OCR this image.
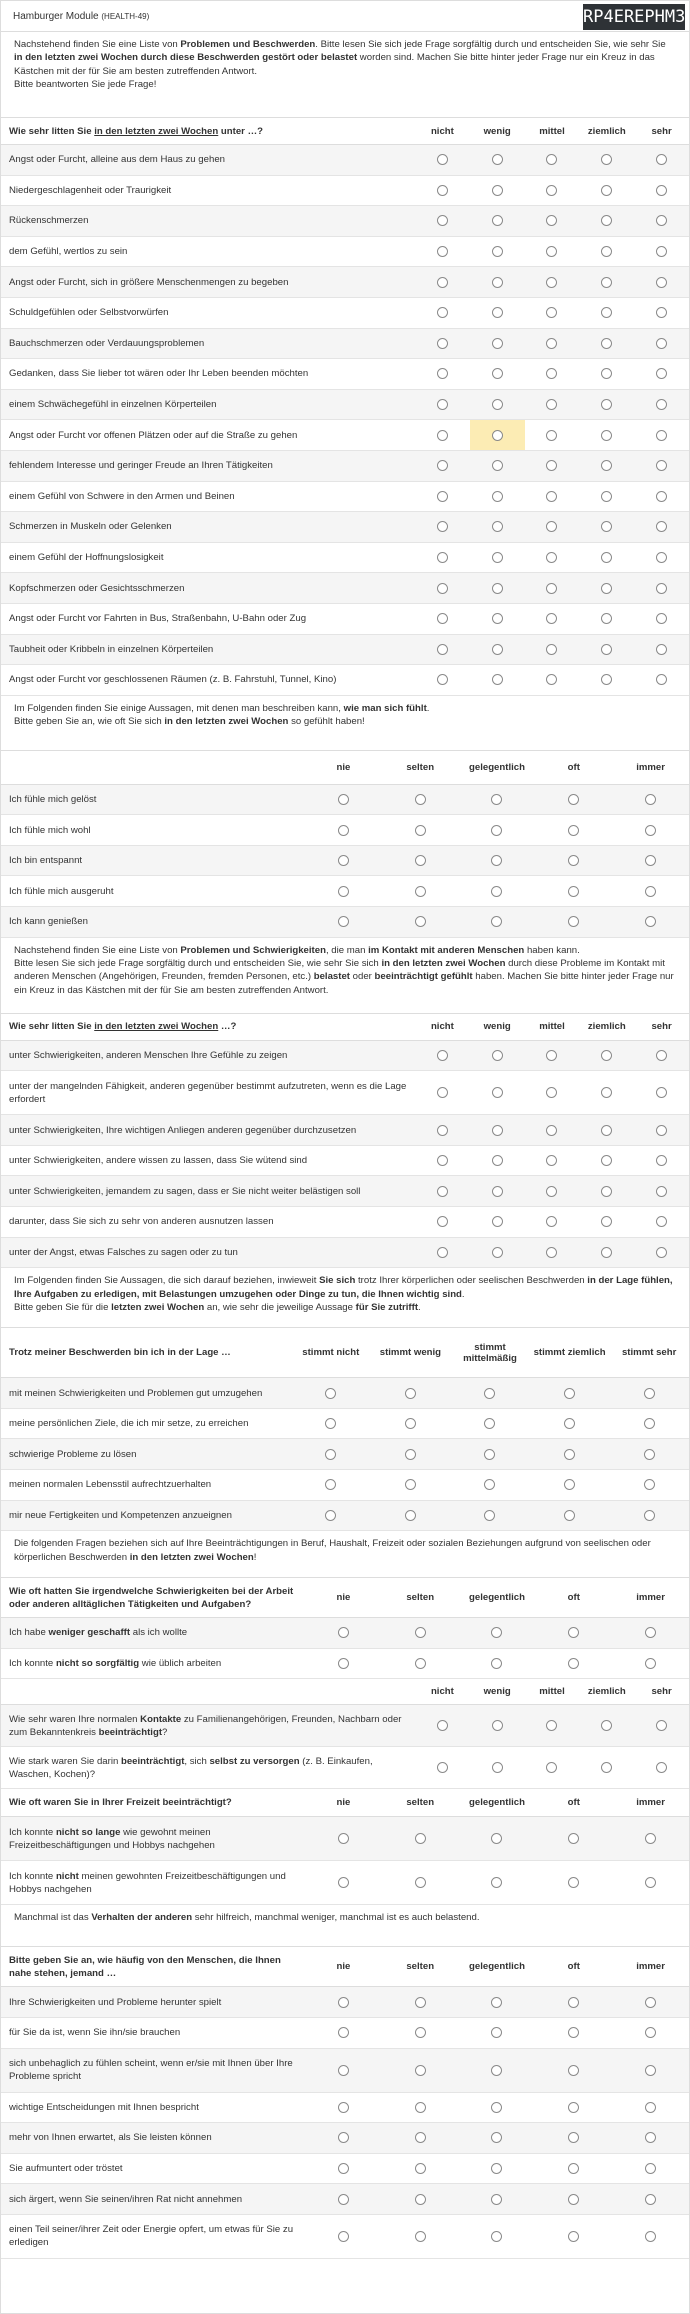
Hamburger Module (HEALTH-49)	RP4EREPHM3
Nachstehend finden Sie eine Liste von Problemen und Beschwerden. Bitte lesen Sie sich jede Frage sorgfältig durch und entscheiden Sie, wie sehr Sie in den letzten zwei Wochen durch diese Beschwerden gestört oder belastet worden sind. Machen Sie bitte hinter jeder Frage nur ein Kreuz in das Kästchen mit der für Sie am besten zutreffenden Antwort.
Bitte beantworten Sie jede Frage!
Wie sehr litten Sie in den letzten zwei Wochen unter …?	nicht	wenig	mittel	ziemlich	sehr
Angst oder Furcht, alleine aus dem Haus zu gehen
Niedergeschlagenheit oder Traurigkeit
Rückenschmerzen
dem Gefühl, wertlos zu sein
Angst oder Furcht, sich in größere Menschenmengen zu begeben
Schuldgefühlen oder Selbstvorwürfen
Bauchschmerzen oder Verdauungsproblemen
Gedanken, dass Sie lieber tot wären oder Ihr Leben beenden möchten
einem Schwächegefühl in einzelnen Körperteilen
Angst oder Furcht vor offenen Plätzen oder auf die Straße zu gehen
fehlendem Interesse und geringer Freude an Ihren Tätigkeiten
einem Gefühl von Schwere in den Armen und Beinen
Schmerzen in Muskeln oder Gelenken
einem Gefühl der Hoffnungslosigkeit
Kopfschmerzen oder Gesichtsschmerzen
Angst oder Furcht vor Fahrten in Bus, Straßenbahn, U-Bahn oder Zug
Taubheit oder Kribbeln in einzelnen Körperteilen
Angst oder Furcht vor geschlossenen Räumen (z. B. Fahrstuhl, Tunnel, Kino)
Im Folgenden finden Sie einige Aussagen, mit denen man beschreiben kann, wie man sich fühlt.
Bitte geben Sie an, wie oft Sie sich in den letzten zwei Wochen so gefühlt haben!
nie	selten	gelegentlich	oft	immer
Ich fühle mich gelöst
Ich fühle mich wohl
Ich bin entspannt
Ich fühle mich ausgeruht
Ich kann genießen
Nachstehend finden Sie eine Liste von Problemen und Schwierigkeiten, die man im Kontakt mit anderen Menschen haben kann.
Bitte lesen Sie sich jede Frage sorgfältig durch und entscheiden Sie, wie sehr Sie sich in den letzten zwei Wochen durch diese Probleme im Kontakt mit anderen Menschen (Angehörigen, Freunden, fremden Personen, etc.) belastet oder beeinträchtigt gefühlt haben. Machen Sie bitte hinter jeder Frage nur ein Kreuz in das Kästchen mit der für Sie am besten zutreffenden Antwort.
Wie sehr litten Sie in den letzten zwei Wochen …?	nicht	wenig	mittel	ziemlich	sehr
unter Schwierigkeiten, anderen Menschen Ihre Gefühle zu zeigen
unter der mangelnden Fähigkeit, anderen gegenüber bestimmt aufzutreten, wenn es die Lage erfordert
unter Schwierigkeiten, Ihre wichtigen Anliegen anderen gegenüber durchzusetzen
unter Schwierigkeiten, andere wissen zu lassen, dass Sie wütend sind
unter Schwierigkeiten, jemandem zu sagen, dass er Sie nicht weiter belästigen soll
darunter, dass Sie sich zu sehr von anderen ausnutzen lassen
unter der Angst, etwas Falsches zu sagen oder zu tun
Im Folgenden finden Sie Aussagen, die sich darauf beziehen, inwieweit Sie sich trotz Ihrer körperlichen oder seelischen Beschwerden in der Lage fühlen, Ihre Aufgaben zu erledigen, mit Belastungen umzugehen oder Dinge zu tun, die Ihnen wichtig sind.
Bitte geben Sie für die letzten zwei Wochen an, wie sehr die jeweilige Aussage für Sie zutrifft.
Trotz meiner Beschwerden bin ich in der Lage …	stimmt nicht	stimmt wenig	stimmt mittelmäßig	stimmt ziemlich	stimmt sehr
mit meinen Schwierigkeiten und Problemen gut umzugehen
meine persönlichen Ziele, die ich mir setze, zu erreichen
schwierige Probleme zu lösen
meinen normalen Lebensstil aufrechtzuerhalten
mir neue Fertigkeiten und Kompetenzen anzueignen
Die folgenden Fragen beziehen sich auf Ihre Beeinträchtigungen in Beruf, Haushalt, Freizeit oder sozialen Beziehungen aufgrund von seelischen oder körperlichen Beschwerden in den letzten zwei Wochen!
Wie oft hatten Sie irgendwelche Schwierigkeiten bei der Arbeit oder anderen alltäglichen Tätigkeiten und Aufgaben?
nie	selten	gelegentlich	oft	immer
Ich habe weniger geschafft als ich wollte
Ich konnte nicht so sorgfältig wie üblich arbeiten
nicht	wenig	mittel	ziemlich	sehr
Wie sehr waren Ihre normalen Kontakte zu Familienangehörigen, Freunden, Nachbarn oder zum Bekanntenkreis beeinträchtigt?
Wie stark waren Sie darin beeinträchtigt, sich selbst zu versorgen (z. B. Einkaufen, Waschen, Kochen)?
Wie oft waren Sie in Ihrer Freizeit beeinträchtigt?	nie	selten	gelegentlich	oft	immer
Ich konnte nicht so lange wie gewohnt meinen Freizeitbeschäftigungen und Hobbys nachgehen
Ich konnte nicht meinen gewohnten Freizeitbeschäftigungen und Hobbys nachgehen
Manchmal ist das Verhalten der anderen sehr hilfreich, manchmal weniger, manchmal ist es auch belastend.
Bitte geben Sie an, wie häufig von den Menschen, die Ihnen nahe stehen, jemand …
nie	selten	gelegentlich	oft	immer
Ihre Schwierigkeiten und Probleme herunter spielt
für Sie da ist, wenn Sie ihn/sie brauchen
sich unbehaglich zu fühlen scheint, wenn er/sie mit Ihnen über Ihre Probleme spricht
wichtige Entscheidungen mit Ihnen bespricht
mehr von Ihnen erwartet, als Sie leisten können
Sie aufmuntert oder tröstet
sich ärgert, wenn Sie seinen/ihren Rat nicht annehmen
einen Teil seiner/ihrer Zeit oder Energie opfert, um etwas für Sie zu erledigen
